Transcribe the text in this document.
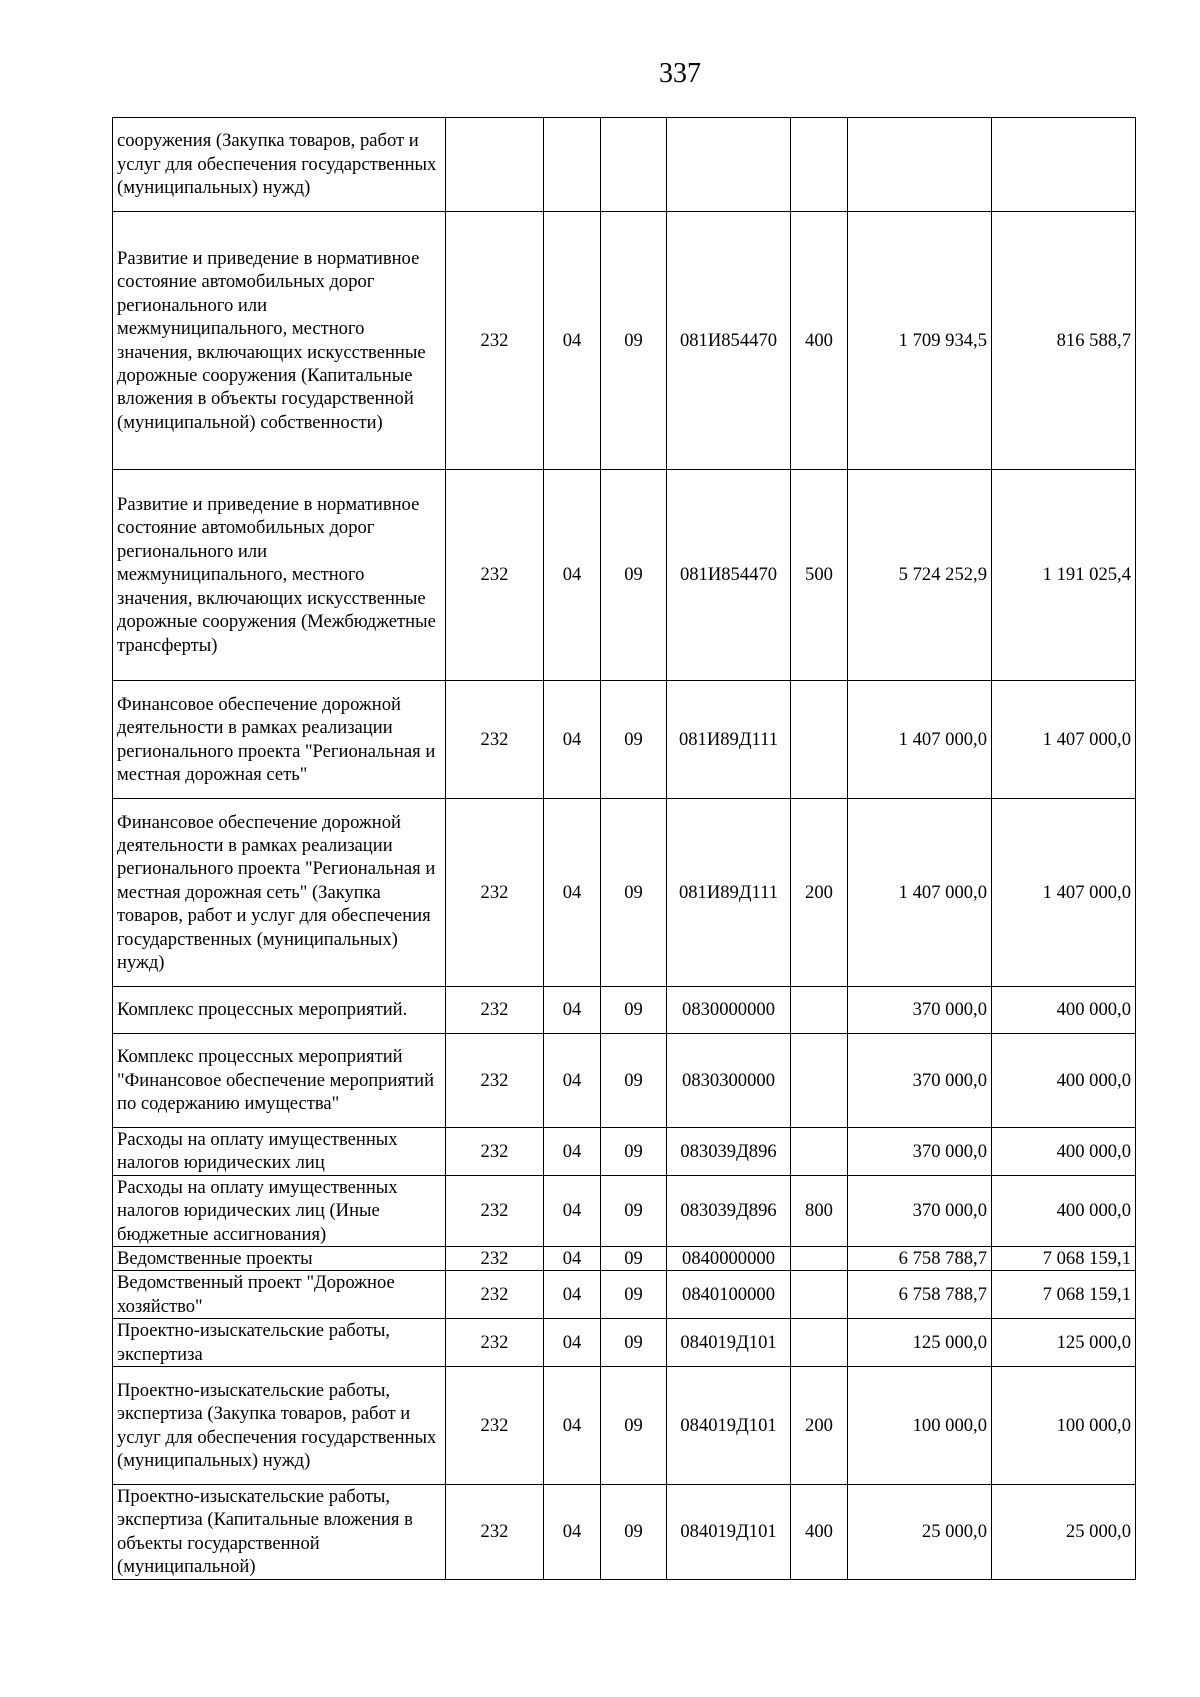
337
сооружения (Закупка товаров, работ и услуг для обеспечения государственных (муниципальных) нужд)							
Развитие и приведение в нормативное состояние автомобильных дорог регионального или межмуниципального, местного значения, включающих искусственные дорожные сооружения (Капитальные вложения в объекты государственной (муниципальной) собственности)	232	04	09	081И854470	400	1 709 934,5	816 588,7
Развитие и приведение в нормативное состояние автомобильных дорог регионального или межмуниципального, местного значения, включающих искусственные дорожные сооружения (Межбюджетные трансферты)	232	04	09	081И854470	500	5 724 252,9	1 191 025,4
Финансовое обеспечение дорожной деятельности в рамках реализации регионального проекта "Региональная и местная дорожная сеть"	232	04	09	081И89Д111		1 407 000,0	1 407 000,0
Финансовое обеспечение дорожной деятельности в рамках реализации регионального проекта "Региональная и местная дорожная сеть" (Закупка товаров, работ и услуг для обеспечения государственных (муниципальных) нужд)	232	04	09	081И89Д111	200	1 407 000,0	1 407 000,0
Комплекс процессных мероприятий.	232	04	09	0830000000		370 000,0	400 000,0
Комплекс процессных мероприятий "Финансовое обеспечение мероприятий по содержанию имущества"	232	04	09	0830300000		370 000,0	400 000,0
Расходы на оплату имущественных налогов юридических лиц	232	04	09	083039Д896		370 000,0	400 000,0
Расходы на оплату имущественных налогов юридических лиц (Иные бюджетные ассигнования)	232	04	09	083039Д896	800	370 000,0	400 000,0
Ведомственные проекты	232	04	09	0840000000		6 758 788,7	7 068 159,1
Ведомственный проект "Дорожное хозяйство"	232	04	09	0840100000		6 758 788,7	7 068 159,1
Проектно-изыскательские работы, экспертиза	232	04	09	084019Д101		125 000,0	125 000,0
Проектно-изыскательские работы, экспертиза (Закупка товаров, работ и услуг для обеспечения государственных (муниципальных) нужд)	232	04	09	084019Д101	200	100 000,0	100 000,0
Проектно-изыскательские работы, экспертиза (Капитальные вложения в объекты государственной (муниципальной)	232	04	09	084019Д101	400	25 000,0	25 000,0
